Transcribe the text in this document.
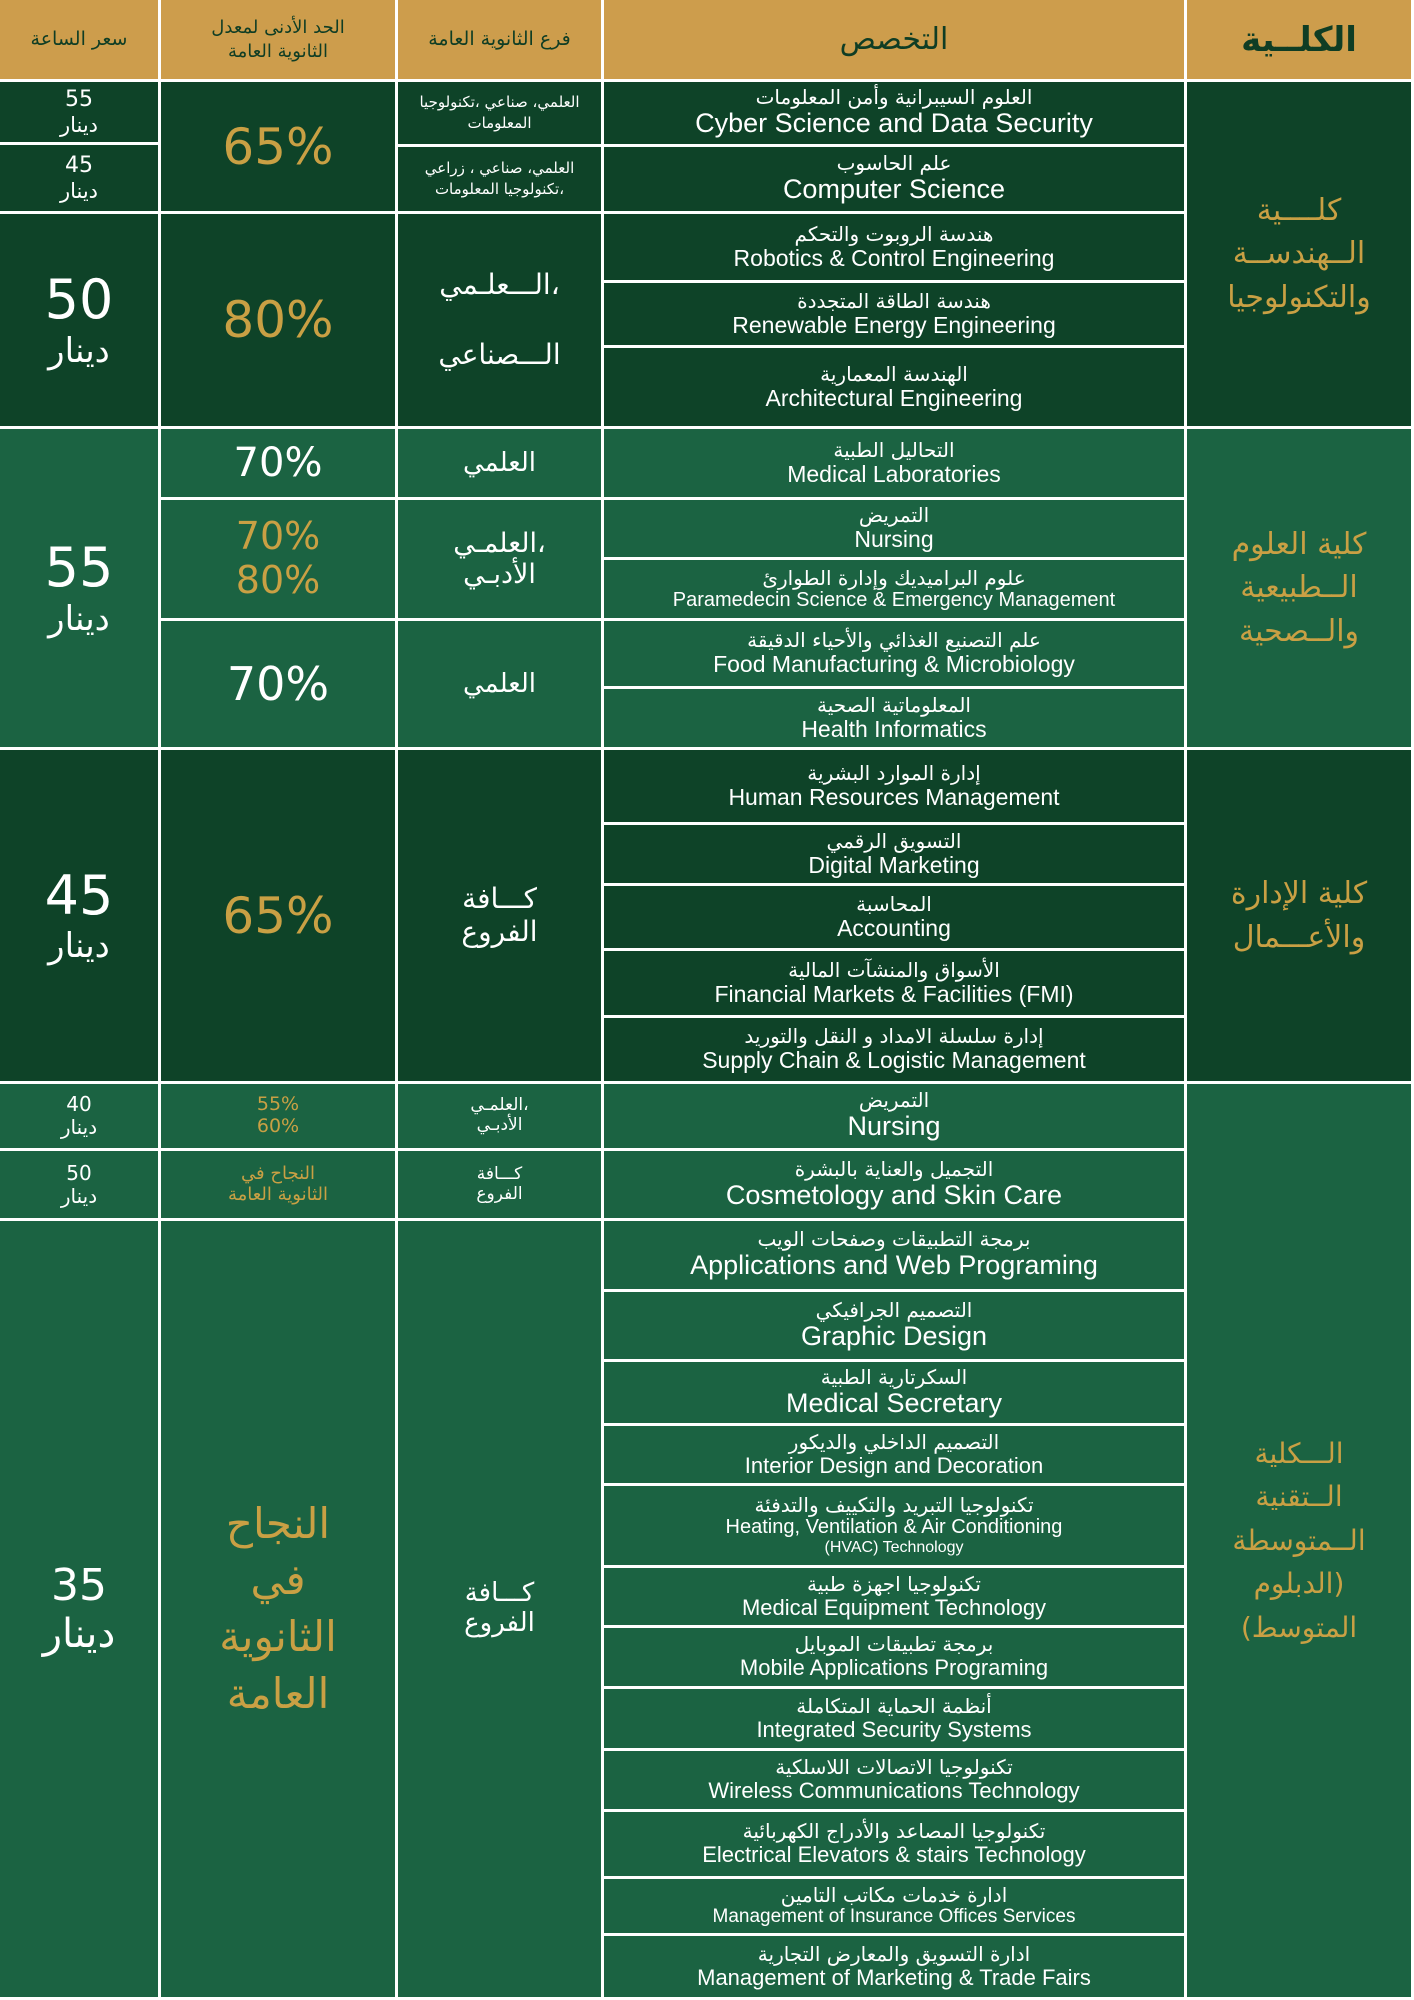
الكلــية
التخصص
فرع الثانوية العامة
الحد الأدنى لمعدل الثانوية العامة
سعر الساعة
كلــــية الــهندســة والتكنولوجيا
كلية العلوم الــطبيعية والــصحية
كلية الإدارة والأعـــمال
الـــكلية الــتقنية الــمتوسطة (الدبلوم المتوسط)
العلوم السيبرانية وأمن المعلومات
Cyber Science and Data Security
علم الحاسوب
Computer Science
هندسة الروبوت والتحكم
Robotics & Control Engineering
هندسة الطاقة المتجددة
Renewable Energy Engineering
الهندسة المعمارية
Architectural Engineering
التحاليل الطبية
Medical Laboratories
التمريض
Nursing
علوم البراميديك وإدارة الطوارئ
Paramedecin Science & Emergency Management
علم التصنيع الغذائي والأحياء الدقيقة
Food Manufacturing & Microbiology
المعلوماتية الصحية
Health Informatics
إدارة الموارد البشرية
Human Resources Management
التسويق الرقمي
Digital Marketing
المحاسبة
Accounting
الأسواق والمنشآت المالية
Financial Markets & Facilities (FMI)
إدارة سلسلة الامداد و النقل والتوريد
Supply Chain & Logistic Management
التمريض
Nursing
التجميل والعناية بالبشرة
Cosmetology and Skin Care
برمجة التطبيقات وصفحات الويب
Applications and Web Programing
التصميم الجرافيكي
Graphic Design
السكرتارية الطبية
Medical Secretary
التصميم الداخلي والديكور
Interior Design and Decoration
تكنولوجيا التبريد والتكييف والتدفئة
Heating, Ventilation & Air Conditioning
(HVAC) Technology
تكنولوجيا اجهزة طبية
Medical Equipment Technology
برمجة تطبيقات الموبايل
Mobile Applications Programing
أنظمة الحماية المتكاملة
Integrated Security Systems
تكنولوجيا الاتصالات اللاسلكية
Wireless Communications Technology
تكنولوجيا المصاعد والأدراج الكهربائية
Electrical Elevators & stairs Technology
ادارة خدمات مكاتب التامين
Management of Insurance Offices Services
ادارة التسويق والمعارض التجارية
Management of Marketing & Trade Fairs
العلمي، صناعي ،تكنولوجيا المعلومات
العلمي، صناعي ، زراعي ،تكنولوجيا المعلومات
الـــعلـمي،
الـــصناعي
العلمي
العلمـي،
الأدبـي
العلمي
كـــافة
الفروع
العلمـي،
الأدبـي
كـــافة
الفروع
كـــافة
الفروع
65%
80%
70%
70%
80%
70%
65%
55%
60%
النجاح في
الثانوية العامة
النجاح
في
الثانوية
العامة
55
دينار
45
دينار
50
دينار
55
دينار
45
دينار
40
دينار
50
دينار
35
دينار
